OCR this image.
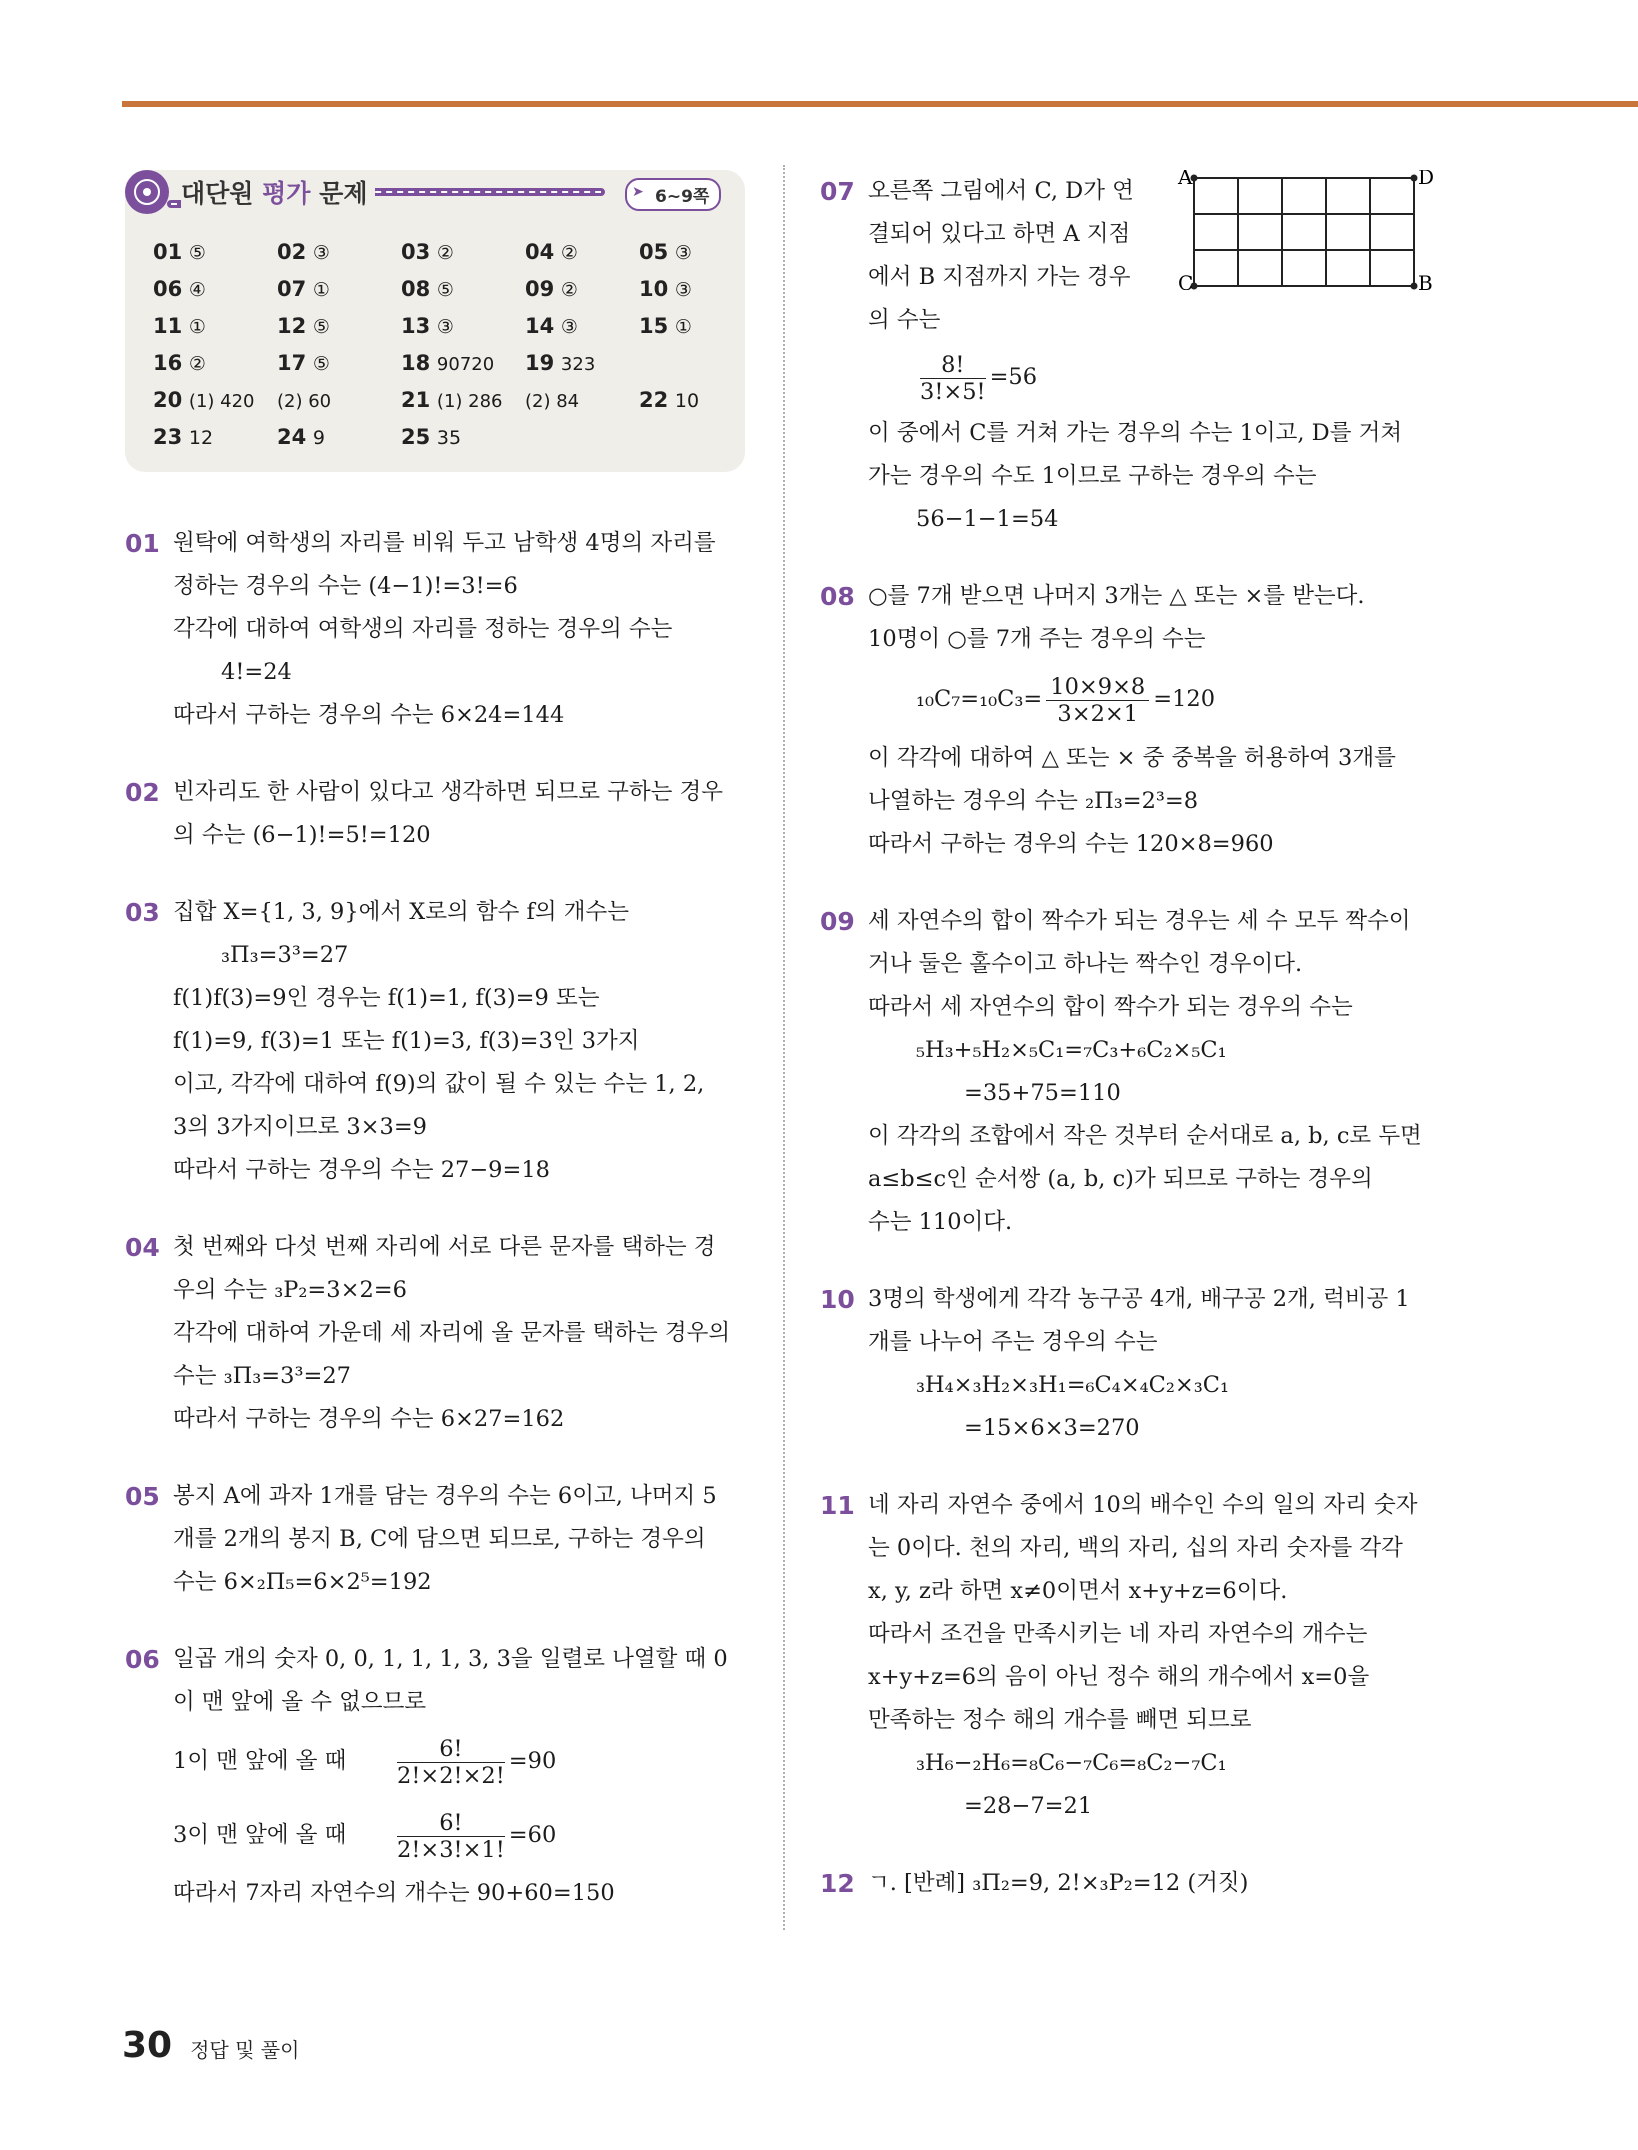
대단원 평가 문제	➤ 6~9쪽
01 ⑤	02 ③	03 ②	04 ②	05 ③
06 ④	07 ①	08 ⑤	09 ②	10 ③
11 ①	12 ⑤	13 ③	14 ③	15 ①
16 ②	17 ⑤	18 90720 19 323
20 (1) 420 (2) 60	21 (1) 286 (2) 84	22 10
23 12	24 9	25 35
01 원탁에 여학생의 자리를 비워 두고 남학생 4명의 자리를
정하는 경우의 수는 (4−1)!=3!=6
각각에 대하여 여학생의 자리를 정하는 경우의 수는
4!=24
따라서 구하는 경우의 수는 6×24=144
02 빈자리도 한 사람이 있다고 생각하면 되므로 구하는 경우
의 수는 (6−1)!=5!=120
03 집합 X={1, 3, 9}에서 X로의 함수 f의 개수는
₃Π₃=3³=27
f(1)f(3)=9인 경우는 f(1)=1, f(3)=9 또는
f(1)=9, f(3)=1 또는 f(1)=3, f(3)=3인 3가지
이고, 각각에 대하여 f(9)의 값이 될 수 있는 수는 1, 2,
3의 3가지이므로 3×3=9
따라서 구하는 경우의 수는 27−9=18
04 첫 번째와 다섯 번째 자리에 서로 다른 문자를 택하는 경
우의 수는 ₃P₂=3×2=6
각각에 대하여 가운데 세 자리에 올 문자를 택하는 경우의
수는 ₃Π₃=3³=27
따라서 구하는 경우의 수는 6×27=162
05 봉지 A에 과자 1개를 담는 경우의 수는 6이고, 나머지 5
개를 2개의 봉지 B, C에 담으면 되므로, 구하는 경우의
수는 6×₂Π₅=6×2⁵=192
06 일곱 개의 숫자 0, 0, 1, 1, 1, 3, 3을 일렬로 나열할 때 0
이 맨 앞에 올 수 없으므로
1이 맨 앞에 올 때 $\frac{6!}{2!\times 2!\times 2!} =90$
3이 맨 앞에 올 때 $\frac{6!}{2!\times 3!\times 1!} =60$
따라서 7자리 자연수의 개수는 90+60=150
07 오른쪽 그림에서 C, D가 연
결되어 있다고 하면 A 지점
에서 B 지점까지 가는 경우
의 수는
$\frac{8!}{3!\times 5!} =56$
이 중에서 C를 거쳐 가는 경우의 수는 1이고, D를 거쳐
가는 경우의 수도 1이므로 구하는 경우의 수는
56−1−1=54
08 ○를 7개 받으면 나머지 3개는 △ 또는 ×를 받는다.
10명이 ○를 7개 주는 경우의 수는
$_{10}C_7=_{10}C_3= \frac{10\times 9\times 8}{3\times 2\times 1} =120$
이 각각에 대하여 △ 또는 × 중 중복을 허용하여 3개를
나열하는 경우의 수는 ₂Π₃=2³=8
따라서 구하는 경우의 수는 120×8=960
09 세 자연수의 합이 짝수가 되는 경우는 세 수 모두 짝수이
거나 둘은 홀수이고 하나는 짝수인 경우이다.
따라서 세 자연수의 합이 짝수가 되는 경우의 수는
₅H₃+₅H₂×₅C₁=₇C₃+₆C₂×₅C₁
=35+75=110
이 각각의 조합에서 작은 것부터 순서대로 a, b, c로 두면
a≤b≤c인 순서쌍 (a, b, c)가 되므로 구하는 경우의
수는 110이다.
10 3명의 학생에게 각각 농구공 4개, 배구공 2개, 럭비공 1
개를 나누어 주는 경우의 수는
₃H₄×₃H₂×₃H₁=₆C₄×₄C₂×₃C₁
=15×6×3=270
11 네 자리 자연수 중에서 10의 배수인 수의 일의 자리 숫자
는 0이다. 천의 자리, 백의 자리, 십의 자리 숫자를 각각
x, y, z라 하면 x≠0이면서 x+y+z=6이다.
따라서 조건을 만족시키는 네 자리 자연수의 개수는
x+y+z=6의 음이 아닌 정수 해의 개수에서 x=0을
만족하는 정수 해의 개수를 빼면 되므로
₃H₆−₂H₆=₈C₆−₇C₆=₈C₂−₇C₁
=28−7=21
12 ㄱ. [반례] ₃Π₂=9, 2!×₃P₂=12 (거짓)
A	D
C	B
30 정답 및 풀이
